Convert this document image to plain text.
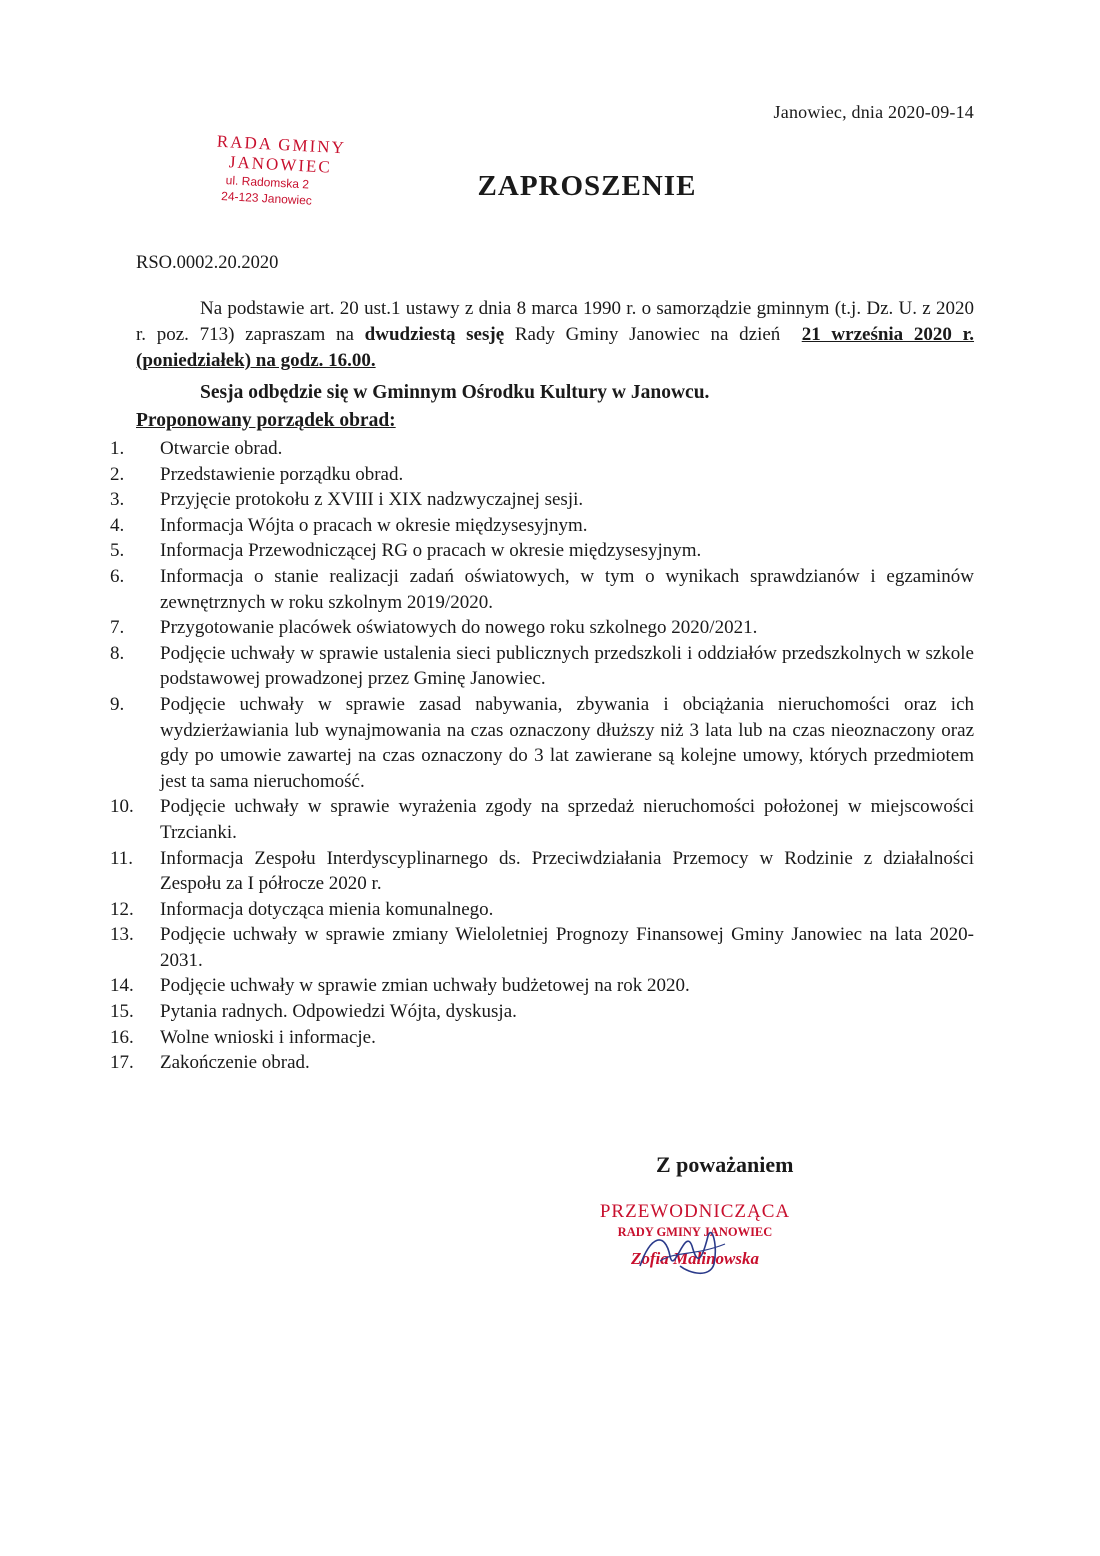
Janowiec, dnia 2020-09-14
RADA GMINY
JANOWIEC
ul. Radomska 2
24-123 Janowiec	ZAPROSZENIE
RSO.0002.20.2020
Na podstawie art. 20 ust.1 ustawy z dnia 8 marca 1990 r. o samorządzie gminnym (t.j. Dz. U. z 2020 r. poz. 713) zapraszam na dwudziestą sesję Rady Gminy Janowiec na dzień  21 września 2020 r. (poniedziałek) na godz. 16.00.
Sesja odbędzie się w Gminnym Ośrodku Kultury w Janowcu.
Proponowany porządek obrad:
1.	Otwarcie obrad.
2.	Przedstawienie porządku obrad.
3.	Przyjęcie protokołu z XVIII i XIX nadzwyczajnej sesji.
4.	Informacja Wójta o pracach w okresie międzysesyjnym.
5.	Informacja Przewodniczącej RG o pracach w okresie międzysesyjnym.
6.	Informacja o stanie realizacji zadań oświatowych, w tym o wynikach sprawdzianów i egzaminów zewnętrznych w roku szkolnym 2019/2020.
7.	Przygotowanie placówek oświatowych do nowego roku szkolnego 2020/2021.
8.	Podjęcie uchwały w sprawie ustalenia sieci publicznych przedszkoli i oddziałów przedszkolnych w szkole podstawowej prowadzonej przez Gminę Janowiec.
9.	Podjęcie uchwały w sprawie zasad nabywania, zbywania i obciążania nieruchomości oraz ich wydzierżawiania lub wynajmowania na czas oznaczony dłuższy niż 3 lata lub na czas nieoznaczony oraz gdy po umowie zawartej na czas oznaczony do 3 lat zawierane są kolejne umowy, których przedmiotem jest ta sama nieruchomość.
10.	Podjęcie uchwały w sprawie wyrażenia zgody na sprzedaż nieruchomości położonej w miejscowości Trzcianki.
11.	Informacja Zespołu Interdyscyplinarnego ds. Przeciwdziałania Przemocy w Rodzinie z działalności Zespołu za I półrocze 2020 r.
12.	Informacja dotycząca mienia komunalnego.
13.	Podjęcie uchwały w sprawie zmiany Wieloletniej Prognozy Finansowej Gminy Janowiec na lata 2020-2031.
14.	Podjęcie uchwały w sprawie zmian uchwały budżetowej na rok 2020.
15.	Pytania radnych. Odpowiedzi Wójta, dyskusja.
16.	Wolne wnioski i informacje.
17.	Zakończenie obrad.
Z poważaniem
PRZEWODNICZĄCA
RADY GMINY JANOWIEC
Zofia Malinowska
